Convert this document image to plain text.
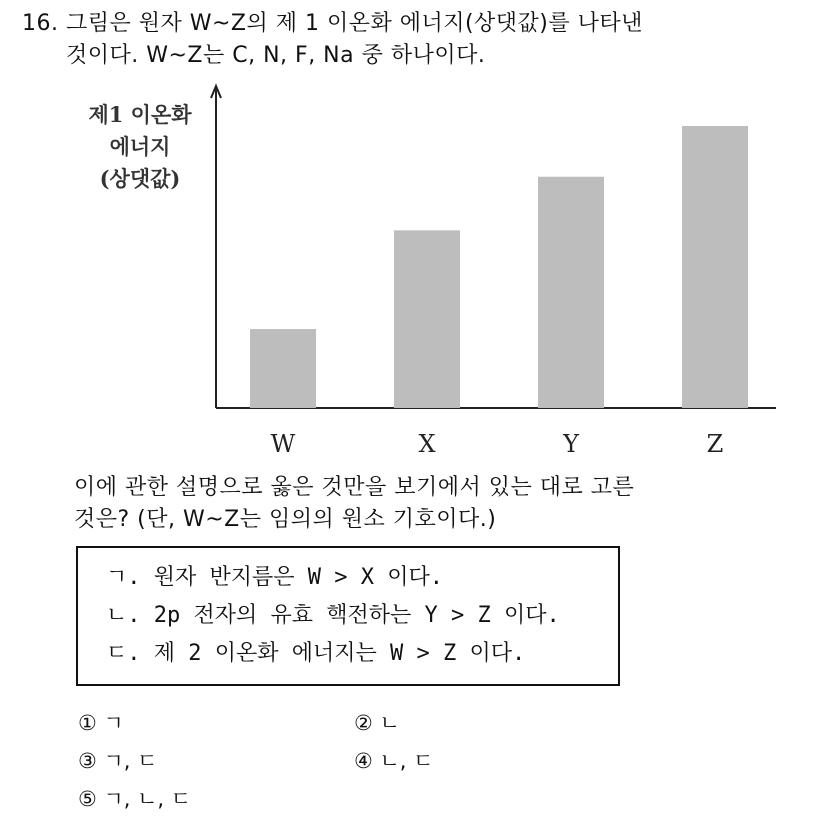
16. 그림은 원자 W~Z의 제 1 이온화 에너지(상댓값)를 나타낸
것이다. W~Z는 C, N, F, Na 중 하나이다.
제1 이온화
에너지
(상댓값)
W	X	Y	Z
이에 관한 설명으로 옳은 것만을 보기에서 있는 대로 고른
것은? (단, W~Z는 임의의 원소 기호이다.)
ㄱ. 원자 반지름은 W > X 이다.
ㄴ. 2p 전자의 유효 핵전하는 Y > Z 이다.
ㄷ. 제 2 이온화 에너지는 W > Z 이다.
① ㄱ	② ㄴ
③ ㄱ, ㄷ	④ ㄴ, ㄷ
⑤ ㄱ, ㄴ, ㄷ
